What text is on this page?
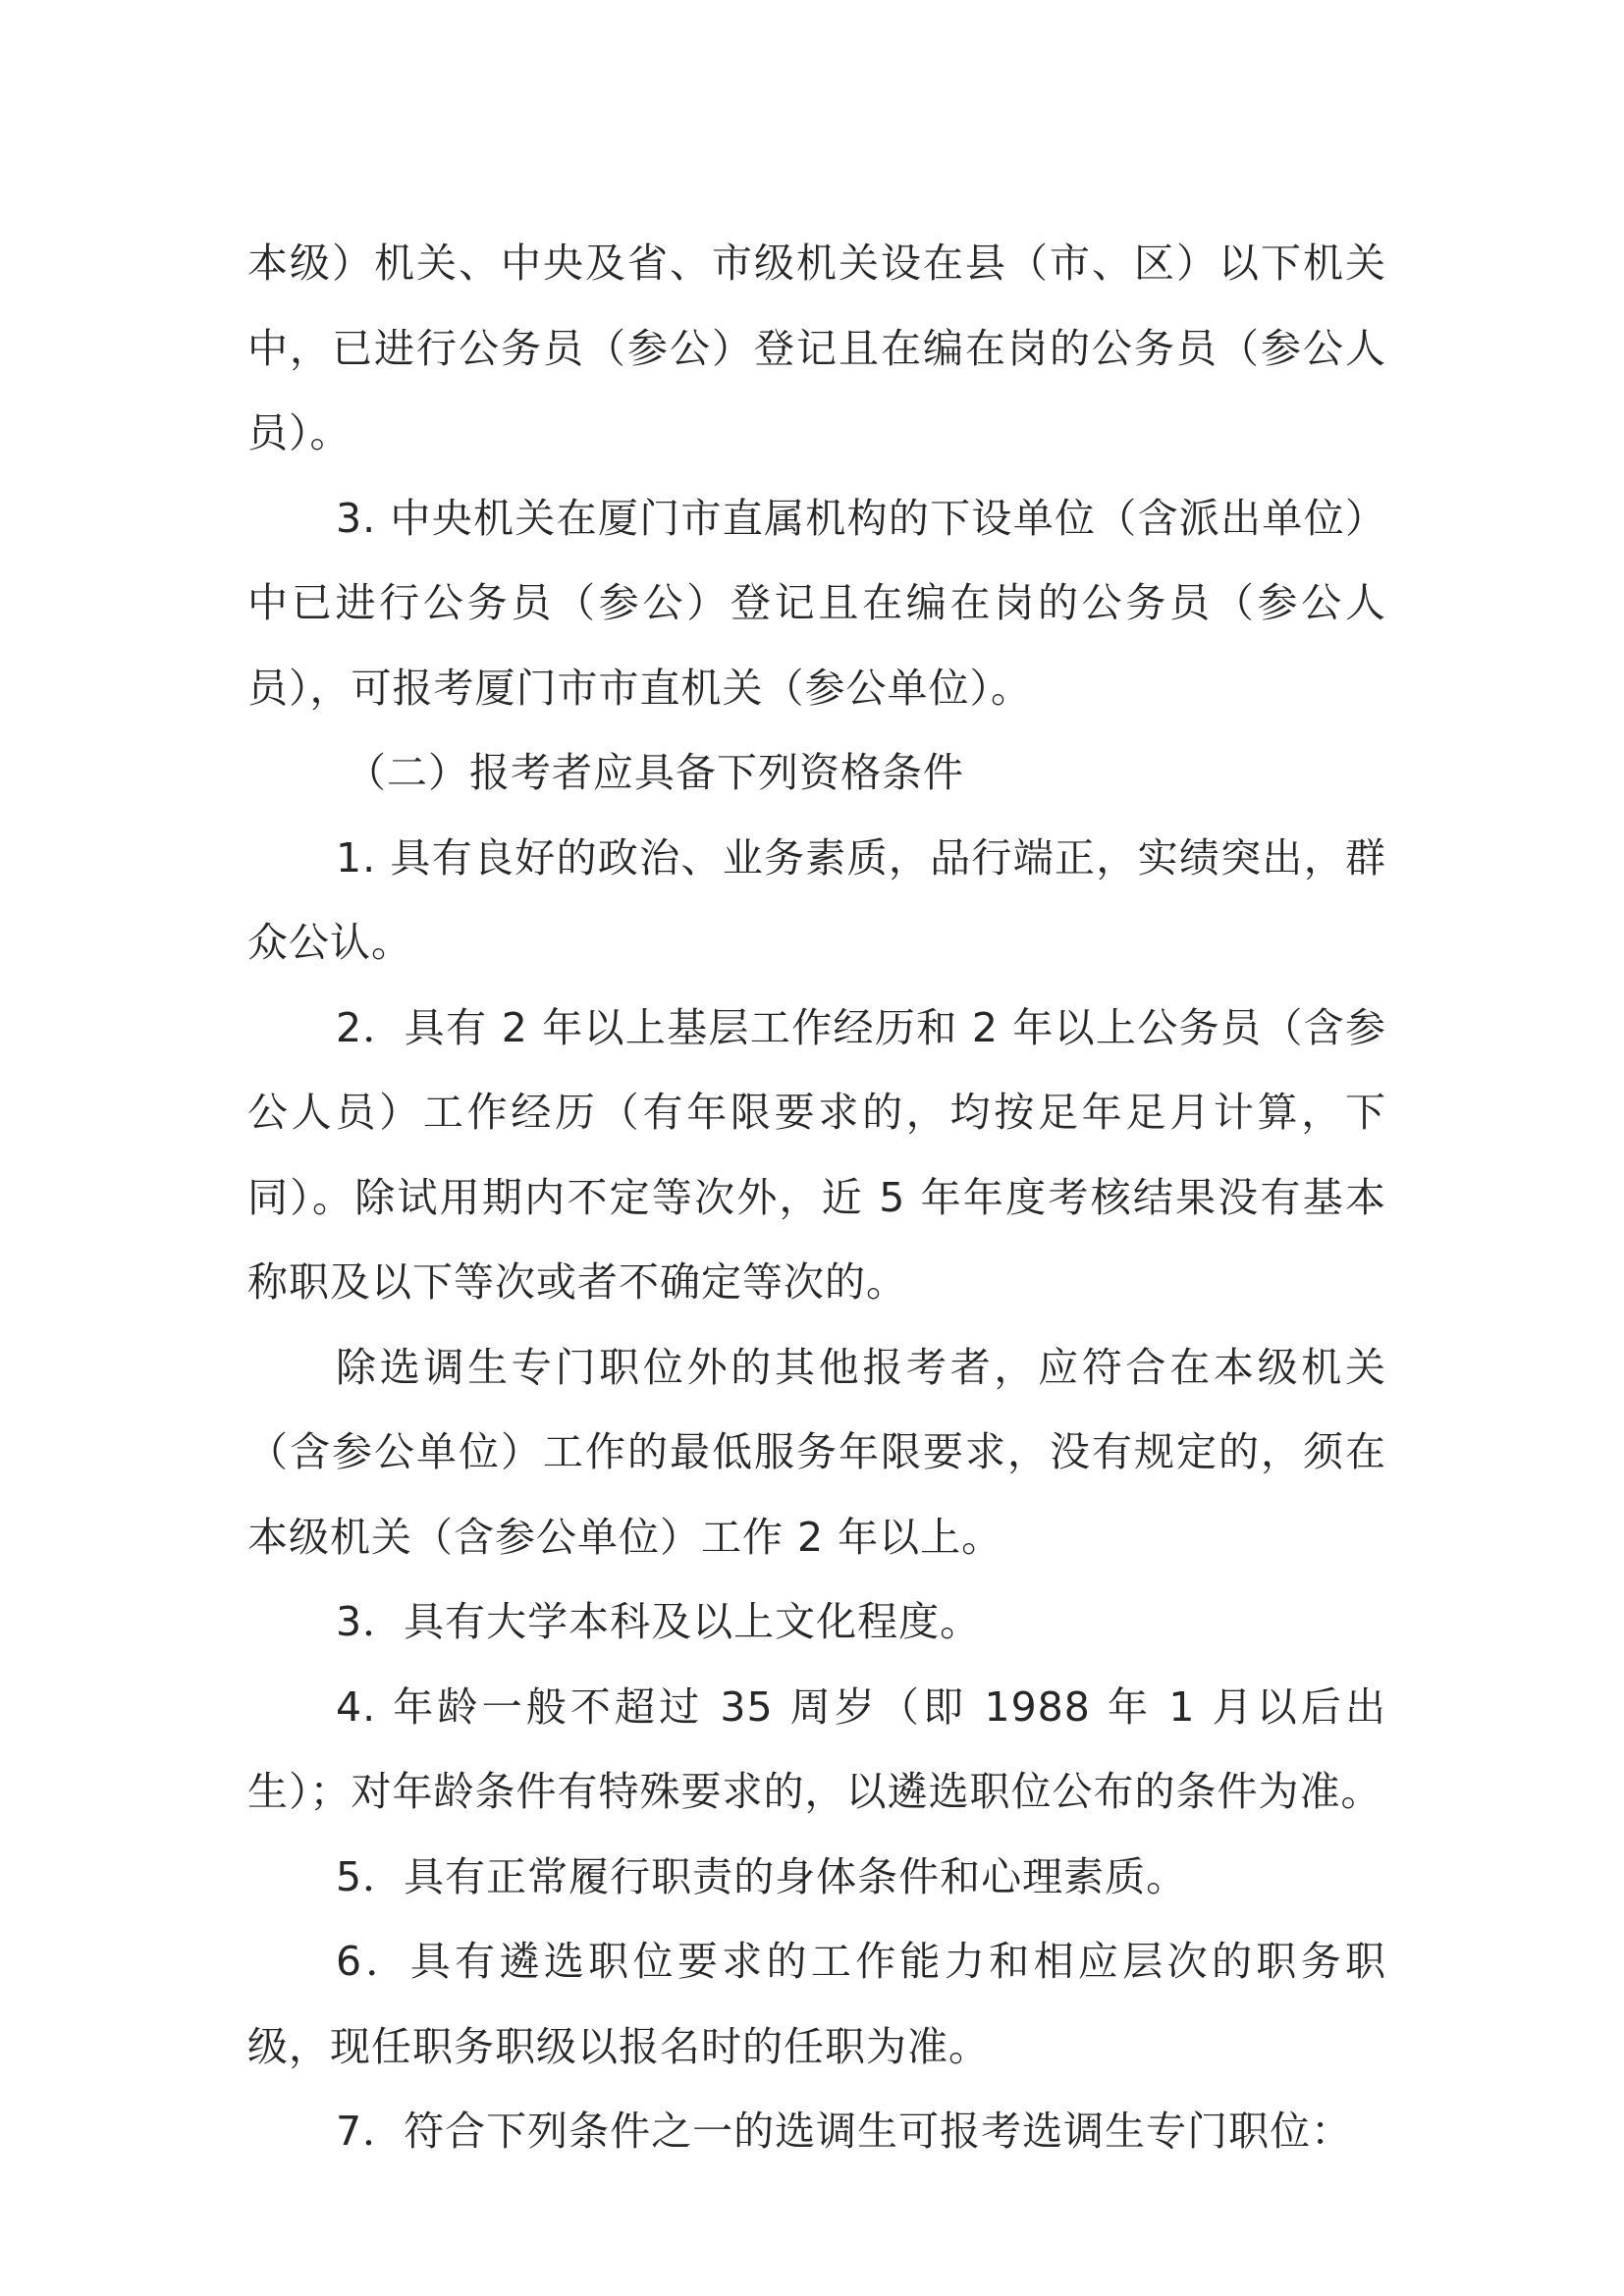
本级）机关、中央及省、市级机关设在县（市、区）以下机关中，已进行公务员（参公）登记且在编在岗的公务员（参公人员）。

3. 中央机关在厦门市直属机构的下设单位（含派出单位）中已进行公务员（参公）登记且在编在岗的公务员（参公人员），可报考厦门市市直机关（参公单位）。

（二）报考者应具备下列资格条件

1. 具有良好的政治、业务素质，品行端正，实绩突出，群众公认。

2．具有 2 年以上基层工作经历和 2 年以上公务员（含参公人员）工作经历（有年限要求的，均按足年足月计算，下同）。除试用期内不定等次外，近 5 年年度考核结果没有基本称职及以下等次或者不确定等次的。

除选调生专门职位外的其他报考者，应符合在本级机关（含参公单位）工作的最低服务年限要求，没有规定的，须在本级机关（含参公单位）工作 2 年以上。

3．具有大学本科及以上文化程度。

4. 年龄一般不超过 35 周岁（即 1988 年 1 月以后出生）；对年龄条件有特殊要求的，以遴选职位公布的条件为准。

5．具有正常履行职责的身体条件和心理素质。

6．具有遴选职位要求的工作能力和相应层次的职务职级，现任职务职级以报名时的任职为准。

7．符合下列条件之一的选调生可报考选调生专门职位：
